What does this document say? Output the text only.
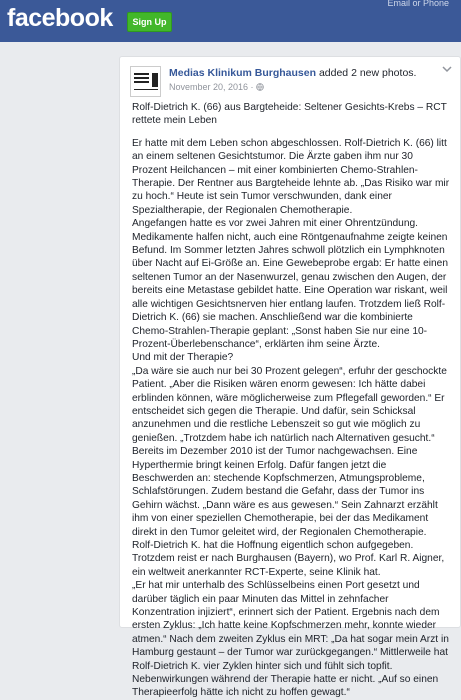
facebook	Sign Up
Email or Phone
Medias Klinikum Burghausen added 2 new photos.
November 20, 2016 ·

Rolf-Dietrich K. (66) aus Bargteheide: Seltener Gesichts-Krebs – RCT rettete mein Leben

Er hatte mit dem Leben schon abgeschlossen. Rolf-Dietrich K. (66) litt an einem seltenen Gesichtstumor. Die Ärzte gaben ihm nur 30 Prozent Heilchancen – mit einer kombinierten Chemo-Strahlen-Therapie. Der Rentner aus Bargteheide lehnte ab. „Das Risiko war mir zu hoch.“ Heute ist sein Tumor verschwunden, dank einer Spezialtherapie, der Regionalen Chemotherapie.

Angefangen hatte es vor zwei Jahren mit einer Ohrentzündung. Medikamente halfen nicht, auch eine Röntgenaufnahme zeigte keinen Befund. Im Sommer letzten Jahres schwoll plötzlich ein Lymphknoten über Nacht auf Ei-Größe an. Eine Gewebeprobe ergab: Er hatte einen seltenen Tumor an der Nasenwurzel, genau zwischen den Augen, der bereits eine Metastase gebildet hatte. Eine Operation war riskant, weil alle wichtigen Gesichtsnerven hier entlang laufen. Trotzdem ließ Rolf-Dietrich K. (66) sie machen. Anschließend war die kombinierte Chemo-Strahlen-Therapie geplant: „Sonst haben Sie nur eine 10-Prozent-Überlebenschance“, erklärten ihm seine Ärzte.

Und mit der Therapie?

„Da wäre sie auch nur bei 30 Prozent gelegen“, erfuhr der geschockte Patient. „Aber die Risiken wären enorm gewesen: Ich hätte dabei erblinden können, wäre möglicherweise zum Pflegefall geworden.“ Er entscheidet sich gegen die Therapie. Und dafür, sein Schicksal anzunehmen und die restliche Lebenszeit so gut wie möglich zu genießen. „Trotzdem habe ich natürlich nach Alternativen gesucht.“

Bereits im Dezember 2010 ist der Tumor nachgewachsen. Eine Hyperthermie bringt keinen Erfolg. Dafür fangen jetzt die Beschwerden an: stechende Kopfschmerzen, Atmungsprobleme, Schlafstörungen. Zudem bestand die Gefahr, dass der Tumor ins Gehirn wächst. „Dann wäre es aus gewesen.“ Sein Zahnarzt erzählt ihm von einer speziellen Chemotherapie, bei der das Medikament direkt in den Tumor geleitet wird, der Regionalen Chemotherapie. Rolf-Dietrich K. hat die Hoffnung eigentlich schon aufgegeben. Trotzdem reist er nach Burghausen (Bayern), wo Prof. Karl R. Aigner, ein weltweit anerkannter RCT-Experte, seine Klinik hat.

„Er hat mir unterhalb des Schlüsselbeins einen Port gesetzt und darüber täglich ein paar Minuten das Mittel in zehnfacher Konzentration injiziert“, erinnert sich der Patient. Ergebnis nach dem ersten Zyklus: „Ich hatte keine Kopfschmerzen mehr, konnte wieder atmen.“ Nach dem zweiten Zyklus ein MRT: „Da hat sogar mein Arzt in Hamburg gestaunt – der Tumor war zurückgegangen.“ Mittlerweile hat Rolf-Dietrich K. vier Zyklen hinter sich und fühlt sich topfit. Nebenwirkungen während der Therapie hatte er nicht. „Auf so einen Therapieerfolg hätte ich nicht zu hoffen gewagt.“
